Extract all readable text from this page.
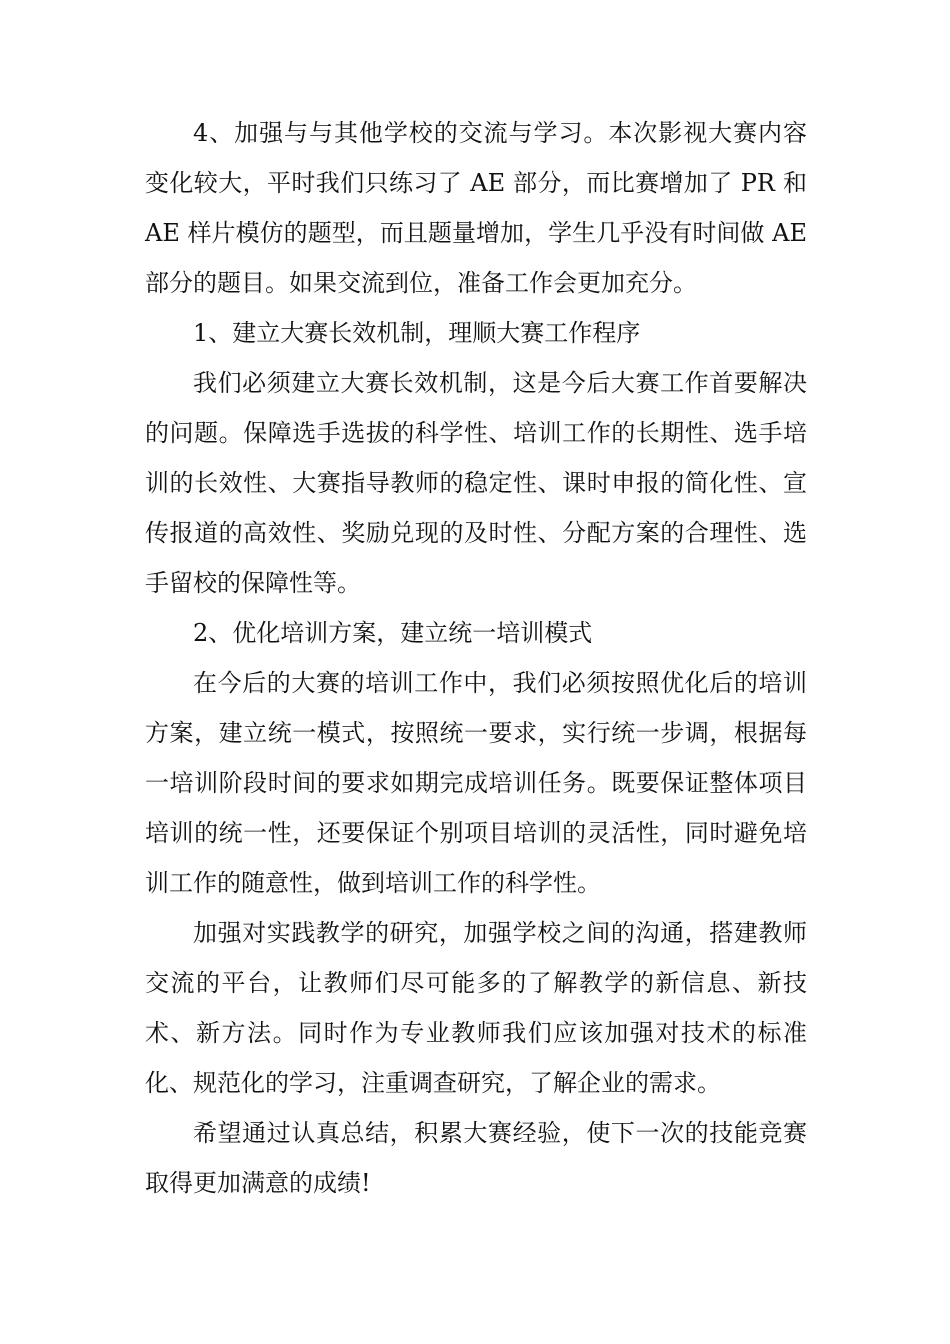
4、加强与与其他学校的交流与学习。本次影视大赛内容变化较大，平时我们只练习了 AE 部分，而比赛增加了 PR 和 AE 样片模仿的题型，而且题量增加，学生几乎没有时间做 AE 部分的题目。如果交流到位，准备工作会更加充分。

1、建立大赛长效机制，理顺大赛工作程序

我们必须建立大赛长效机制，这是今后大赛工作首要解决的问题。保障选手选拔的科学性、培训工作的长期性、选手培训的长效性、大赛指导教师的稳定性、课时申报的简化性、宣传报道的高效性、奖励兑现的及时性、分配方案的合理性、选手留校的保障性等。

2、优化培训方案，建立统一培训模式

在今后的大赛的培训工作中，我们必须按照优化后的培训方案，建立统一模式，按照统一要求，实行统一步调，根据每一培训阶段时间的要求如期完成培训任务。既要保证整体项目培训的统一性，还要保证个别项目培训的灵活性，同时避免培训工作的随意性，做到培训工作的科学性。

加强对实践教学的研究，加强学校之间的沟通，搭建教师交流的平台，让教师们尽可能多的了解教学的新信息、新技术、新方法。同时作为专业教师我们应该加强对技术的标准化、规范化的学习，注重调查研究，了解企业的需求。

希望通过认真总结，积累大赛经验，使下一次的技能竞赛取得更加满意的成绩!
